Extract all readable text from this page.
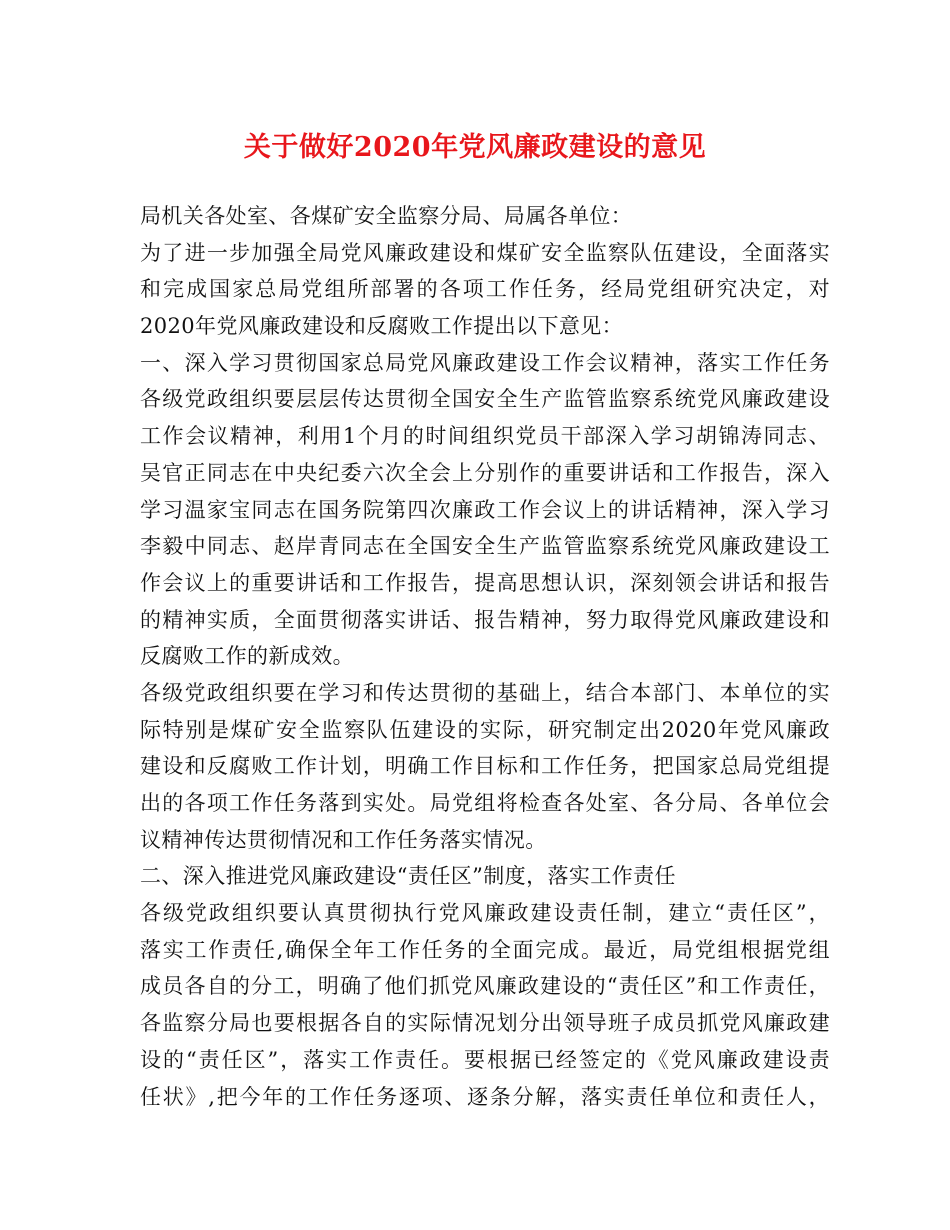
关于做好2020年党风廉政建设的意见
局机关各处室、各煤矿安全监察分局、局属各单位：
为了进一步加强全局党风廉政建设和煤矿安全监察队伍建设，全面落实
和完成国家总局党组所部署的各项工作任务，经局党组研究决定，对
2020年党风廉政建设和反腐败工作提出以下意见：
一、深入学习贯彻国家总局党风廉政建设工作会议精神，落实工作任务
各级党政组织要层层传达贯彻全国安全生产监管监察系统党风廉政建设
工作会议精神，利用1个月的时间组织党员干部深入学习胡锦涛同志、
吴官正同志在中央纪委六次全会上分别作的重要讲话和工作报告，深入
学习温家宝同志在国务院第四次廉政工作会议上的讲话精神，深入学习
李毅中同志、赵岸青同志在全国安全生产监管监察系统党风廉政建设工
作会议上的重要讲话和工作报告，提高思想认识，深刻领会讲话和报告
的精神实质，全面贯彻落实讲话、报告精神，努力取得党风廉政建设和
反腐败工作的新成效。
各级党政组织要在学习和传达贯彻的基础上，结合本部门、本单位的实
际特别是煤矿安全监察队伍建设的实际，研究制定出2020年党风廉政
建设和反腐败工作计划，明确工作目标和工作任务，把国家总局党组提
出的各项工作任务落到实处。局党组将检查各处室、各分局、各单位会
议精神传达贯彻情况和工作任务落实情况。
二、深入推进党风廉政建设“责任区”制度，落实工作责任
各级党政组织要认真贯彻执行党风廉政建设责任制，建立“责任区”，
落实工作责任,确保全年工作任务的全面完成。最近，局党组根据党组
成员各自的分工，明确了他们抓党风廉政建设的“责任区”和工作责任，
各监察分局也要根据各自的实际情况划分出领导班子成员抓党风廉政建
设的“责任区”，落实工作责任。要根据已经签定的《党风廉政建设责
任状》,把今年的工作任务逐项、逐条分解，落实责任单位和责任人，
